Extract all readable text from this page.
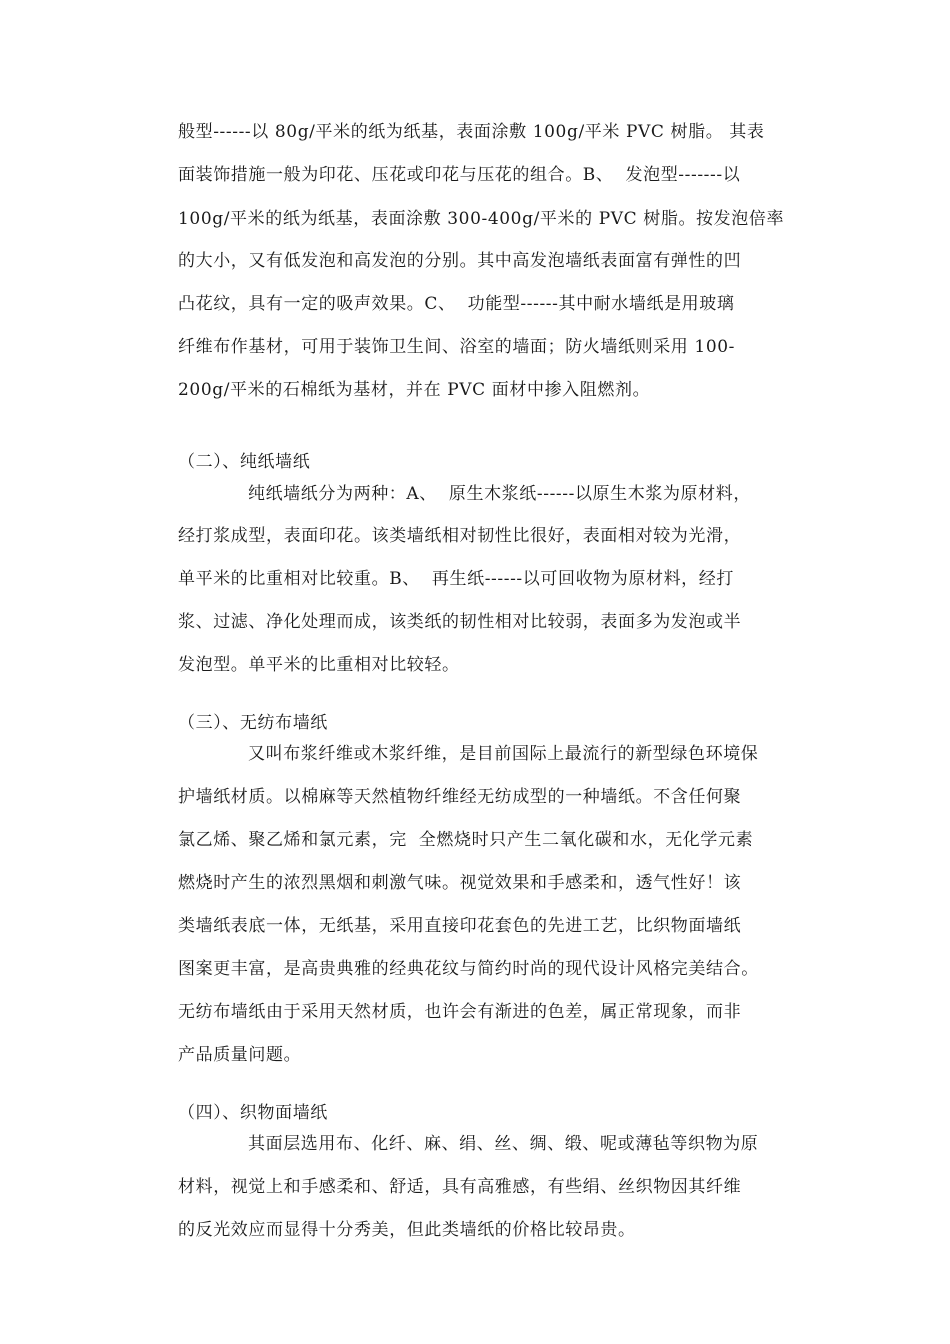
般型------以 80g/平米的纸为纸基，表面涂敷 100g/平米 PVC 树脂。 其表
面装饰措施一般为印花、压花或印花与压花的组合。B、  发泡型-------以
100g/平米的纸为纸基，表面涂敷 300-400g/平米的 PVC 树脂。按发泡倍率
的大小，又有低发泡和高发泡的分别。其中高发泡墙纸表面富有弹性的凹
凸花纹，具有一定的吸声效果。C、  功能型------其中耐水墙纸是用玻璃
纤维布作基材，可用于装饰卫生间、浴室的墙面；防火墙纸则采用 100-
200g/平米的石棉纸为基材，并在 PVC 面材中掺入阻燃剂。
（二）、纯纸墙纸
纯纸墙纸分为两种：A、  原生木浆纸------以原生木浆为原材料，
经打浆成型，表面印花。该类墙纸相对韧性比很好，表面相对较为光滑，
单平米的比重相对比较重。B、  再生纸------以可回收物为原材料，经打
浆、过滤、净化处理而成，该类纸的韧性相对比较弱，表面多为发泡或半
发泡型。单平米的比重相对比较轻。
（三）、无纺布墙纸
又叫布浆纤维或木浆纤维，是目前国际上最流行的新型绿色环境保
护墙纸材质。以棉麻等天然植物纤维经无纺成型的一种墙纸。不含任何聚
氯乙烯、聚乙烯和氯元素，完  全燃烧时只产生二氧化碳和水，无化学元素
燃烧时产生的浓烈黑烟和刺激气味。视觉效果和手感柔和，透气性好！该
类墙纸表底一体，无纸基，采用直接印花套色的先进工艺，比织物面墙纸
图案更丰富，是高贵典雅的经典花纹与简约时尚的现代设计风格完美结合。
无纺布墙纸由于采用天然材质，也许会有渐进的色差，属正常现象，而非
产品质量问题。
（四）、织物面墙纸
其面层选用布、化纤、麻、绢、丝、绸、缎、呢或薄毡等织物为原
材料，视觉上和手感柔和、舒适，具有高雅感，有些绢、丝织物因其纤维
的反光效应而显得十分秀美，但此类墙纸的价格比较昂贵。
